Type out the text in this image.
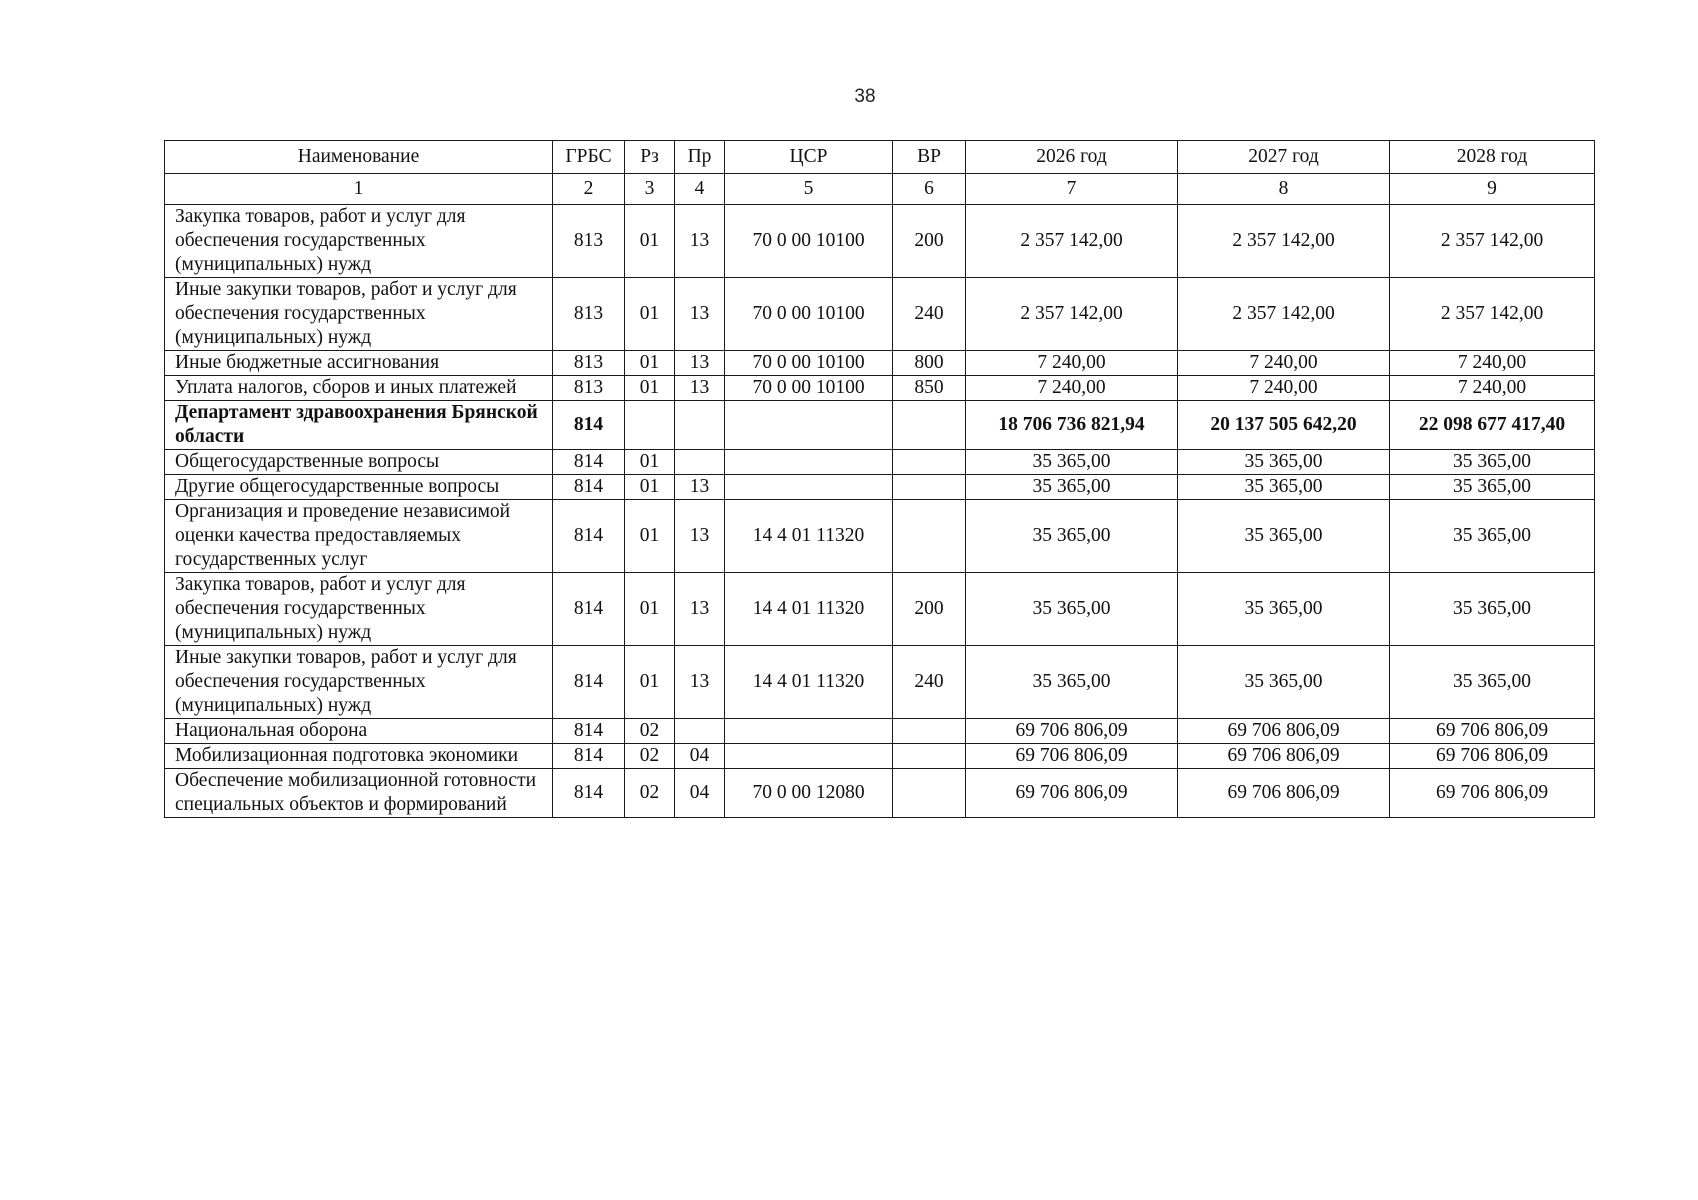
38
Наименование	ГРБС	Рз	Пр	ЦСР	ВР	2026 год	2027 год	2028 год
1	2	3	4	5	6	7	8	9
Закупка товаров, работ и услуг для обеспечения государственных (муниципальных) нужд	813	01	13	70 0 00 10100	200	2 357 142,00	2 357 142,00	2 357 142,00
Иные закупки товаров, работ и услуг для обеспечения государственных (муниципальных) нужд	813	01	13	70 0 00 10100	240	2 357 142,00	2 357 142,00	2 357 142,00
Иные бюджетные ассигнования	813	01	13	70 0 00 10100	800	7 240,00	7 240,00	7 240,00
Уплата налогов, сборов и иных платежей	813	01	13	70 0 00 10100	850	7 240,00	7 240,00	7 240,00
Департамент здравоохранения Брянской области	814					18 706 736 821,94	20 137 505 642,20	22 098 677 417,40
Общегосударственные вопросы	814	01				35 365,00	35 365,00	35 365,00
Другие общегосударственные вопросы	814	01	13			35 365,00	35 365,00	35 365,00
Организация и проведение независимой оценки качества предоставляемых государственных услуг	814	01	13	14 4 01 11320		35 365,00	35 365,00	35 365,00
Закупка товаров, работ и услуг для обеспечения государственных (муниципальных) нужд	814	01	13	14 4 01 11320	200	35 365,00	35 365,00	35 365,00
Иные закупки товаров, работ и услуг для обеспечения государственных (муниципальных) нужд	814	01	13	14 4 01 11320	240	35 365,00	35 365,00	35 365,00
Национальная оборона	814	02				69 706 806,09	69 706 806,09	69 706 806,09
Мобилизационная подготовка экономики	814	02	04			69 706 806,09	69 706 806,09	69 706 806,09
Обеспечение мобилизационной готовности специальных объектов и формирований	814	02	04	70 0 00 12080		69 706 806,09	69 706 806,09	69 706 806,09
